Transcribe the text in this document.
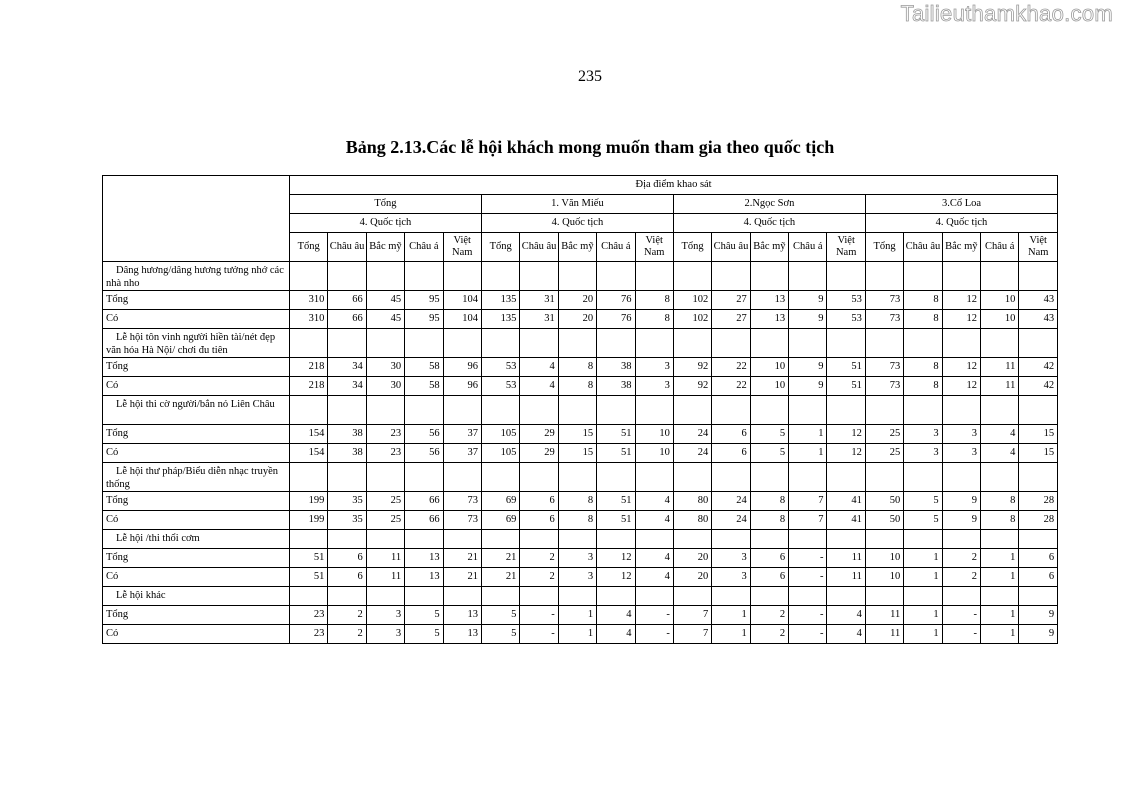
Tailieuthamkhao.com
235
Bảng 2.13.Các lễ hội khách mong muốn tham gia theo quốc tịch
	Địa điểm khao sát																			
	Tổng					1. Văn Miếu					2.Ngọc Sơn					3.Cổ Loa				
	4. Quốc tịch					4. Quốc tịch					4. Quốc tịch					4. Quốc tịch				
	Tổng	Châu âu	Bắc mỹ	Châu á	Việt Nam	Tổng	Châu âu	Bắc mỹ	Châu á	Việt Nam	Tổng	Châu âu	Bắc mỹ	Châu á	Việt Nam	Tổng	Châu âu	Bắc mỹ	Châu á	Việt Nam
Dâng hương/dâng hương tưởng nhớ các nhà nho																				
Tổng	310	66	45	95	104	135	31	20	76	8	102	27	13	9	53	73	8	12	10	43
Có	310	66	45	95	104	135	31	20	76	8	102	27	13	9	53	73	8	12	10	43
Lễ hội tôn vinh người hiền tài/nét đẹp văn hóa Hà Nội/ chơi đu tiên																				
Tổng	218	34	30	58	96	53	4	8	38	3	92	22	10	9	51	73	8	12	11	42
Có	218	34	30	58	96	53	4	8	38	3	92	22	10	9	51	73	8	12	11	42
Lễ hội thi cờ người/bắn nỏ Liên Châu																				
Tổng	154	38	23	56	37	105	29	15	51	10	24	6	5	1	12	25	3	3	4	15
Có	154	38	23	56	37	105	29	15	51	10	24	6	5	1	12	25	3	3	4	15
Lễ hội thư pháp/Biểu diễn nhạc truyền thống																				
Tổng	199	35	25	66	73	69	6	8	51	4	80	24	8	7	41	50	5	9	8	28
Có	199	35	25	66	73	69	6	8	51	4	80	24	8	7	41	50	5	9	8	28
Lễ hội /thi thổi cơm																				
Tổng	51	6	11	13	21	21	2	3	12	4	20	3	6	-	11	10	1	2	1	6
Có	51	6	11	13	21	21	2	3	12	4	20	3	6	-	11	10	1	2	1	6
Lễ hội khác																				
Tổng	23	2	3	5	13	5	-	1	4	-	7	1	2	-	4	11	1	-	1	9
Có	23	2	3	5	13	5	-	1	4	-	7	1	2	-	4	11	1	-	1	9
